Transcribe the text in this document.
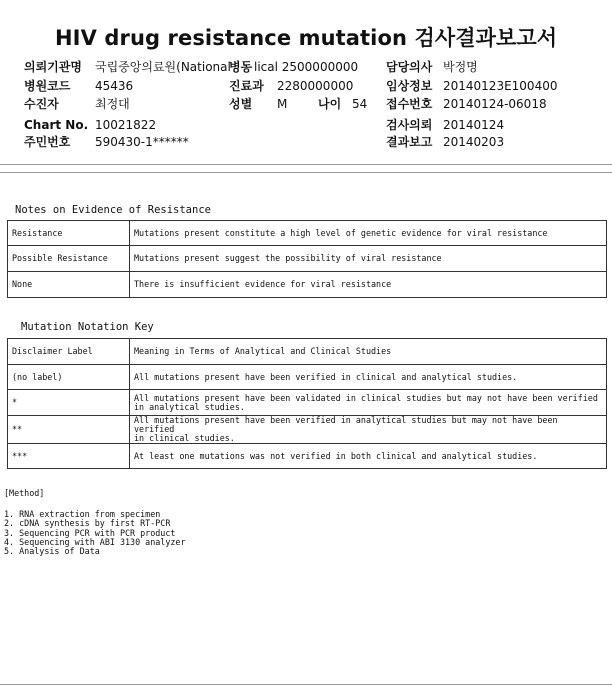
HIV drug resistance mutation 검사결과보고서
의뢰기관명 국립중앙의료원(National
병동 lical 2500000000 담당의사 박정명
병원코드 45436	진료과 2280000000	임상정보 20140123E100400
수진자	최정대	성별 M	나이 54 접수번호 20140124-06018
Chart No. 10021822	검사의뢰 20140124
주민번호 590430-1******	결과보고 20140203
Notes on Evidence of Resistance
Resistance	Mutations present constitute a high level of genetic evidence for viral resistance
Possible Resistance	Mutations present suggest the possibility of viral resistance
None	There is insufficient evidence for viral resistance
Mutation Notation Key
Disclaimer Label	Meaning in Terms of Analytical and Clinical Studies
(no label)	All mutations present have been verified in clinical and analytical studies.

*	All mutations present have been validated in clinical studies but may not have been verified
in analytical studies.

**	All mutations present have been verified in analytical studies but may not have been verified
in clinical studies.

***	At least one mutations was not verified in both clinical and analytical studies.
[Method]
1. RNA extraction from specimen
2. cDNA synthesis by first RT-PCR
3. Sequencing PCR with PCR product
4. Sequencing with ABI 3130 analyzer
5. Analysis of Data
